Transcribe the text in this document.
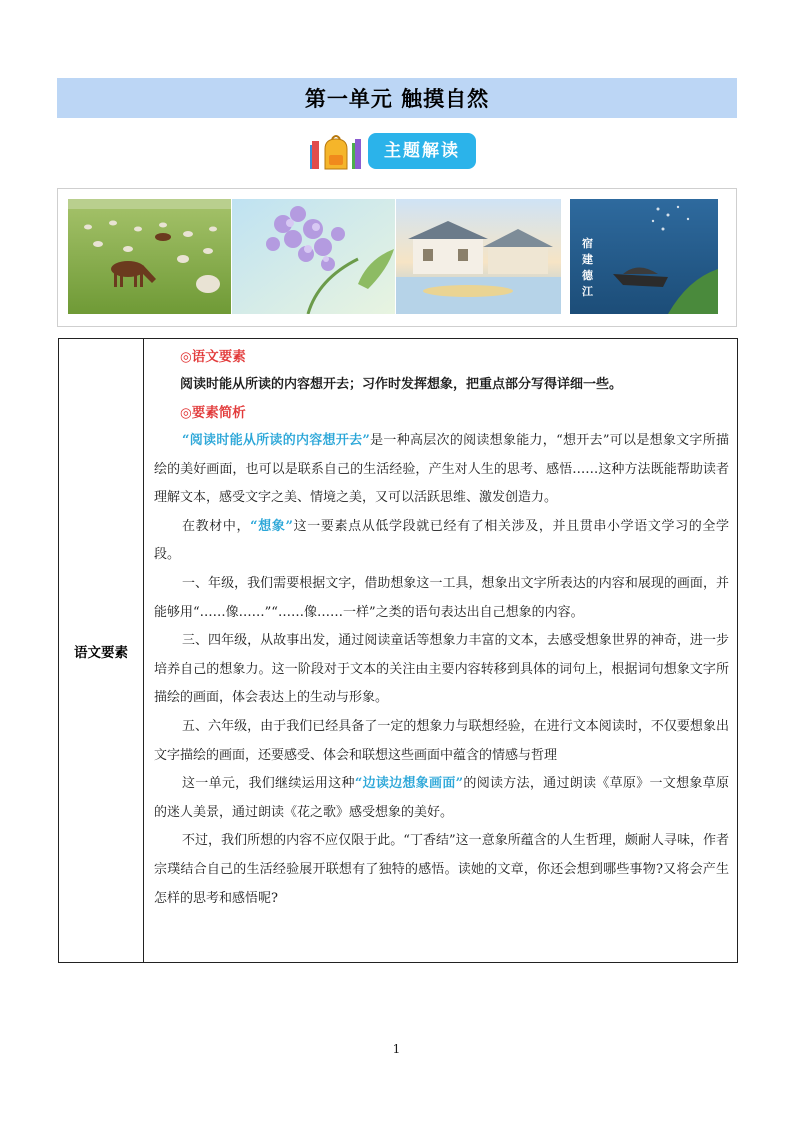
第一单元 触摸自然
主题解读
宿
建
德
江
语文要素	
◎语文要素

阅读时能从所读的内容想开去；习作时发挥想象，把重点部分写得详细一些。

◎要素简析

“阅读时能从所读的内容想开去”是一种高层次的阅读想象能力，“想开去”可以是想象文字所描绘的美好画面，也可以是联系自己的生活经验，产生对人生的思考、感悟……这种方法既能帮助读者理解文本，感受文字之美、情境之美，又可以活跃思维、激发创造力。

在教材中，“想象”这一要素点从低学段就已经有了相关涉及，并且贯串小学语文学习的全学段。

一、年级，我们需要根据文字，借助想象这一工具，想象出文字所表达的内容和展现的画面，并能够用“……像……”“……像……一样”之类的语句表达出自己想象的内容。

三、四年级，从故事出发，通过阅读童话等想象力丰富的文本，去感受想象世界的神奇，进一步培养自己的想象力。这一阶段对于文本的关注由主要内容转移到具体的词句上，根据词句想象文字所描绘的画面，体会表达上的生动与形象。

五、六年级，由于我们已经具备了一定的想象力与联想经验，在进行文本阅读时，不仅要想象出文字描绘的画面，还要感受、体会和联想这些画面中蕴含的情感与哲理

这一单元，我们继续运用这种“边读边想象画面”的阅读方法，通过朗读《草原》一文想象草原的迷人美景，通过朗读《花之歌》感受想象的美好。

不过，我们所想的内容不应仅限于此。“丁香结”这一意象所蕴含的人生哲理，颇耐人寻味，作者宗璞结合自己的生活经验展开联想有了独特的感悟。读她的文章，你还会想到哪些事物?又将会产生怎样的思考和感悟呢?

1
